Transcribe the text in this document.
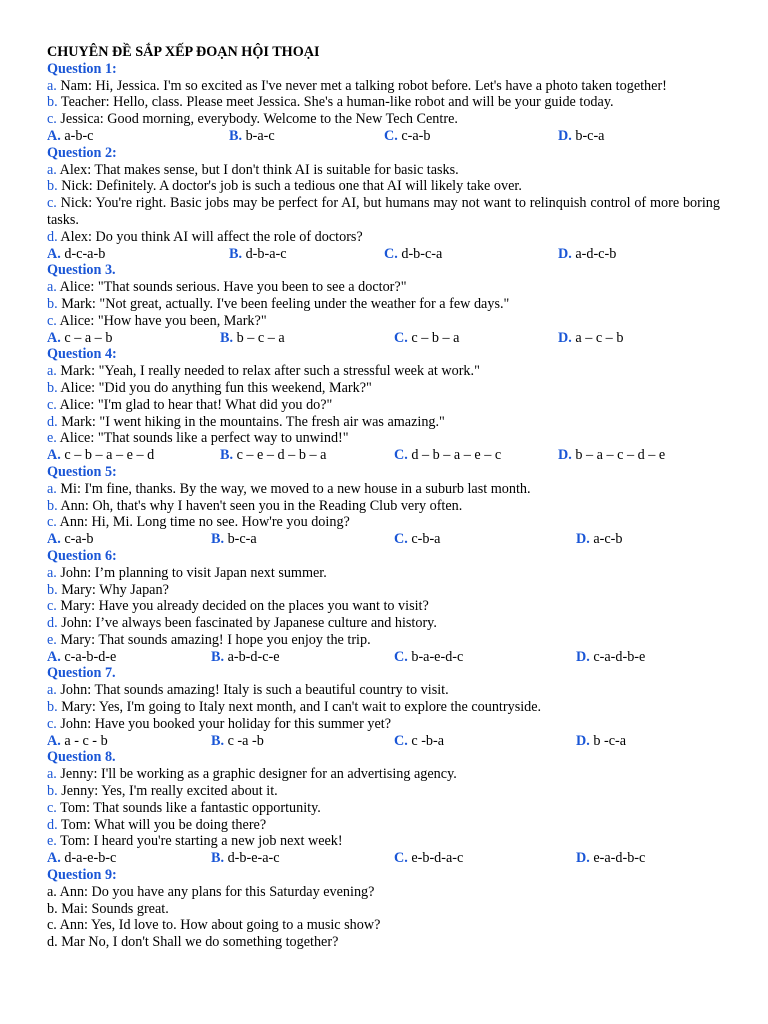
CHUYÊN ĐỀ SẮP XẾP ĐOẠN HỘI THOẠI
Question 1:
a. Nam: Hi, Jessica. I'm so excited as I've never met a talking robot before. Let's have a photo taken together!
b. Teacher: Hello, class. Please meet Jessica. She's a human-like robot and will be your guide today.
c. Jessica: Good morning, everybody. Welcome to the New Tech Centre.
A. a-b-c	B. b-a-c	C. c-a-b	D. b-c-a
Question 2:
a. Alex: That makes sense, but I don't think AI is suitable for basic tasks.
b. Nick: Definitely. A doctor's job is such a tedious one that AI will likely take over.
c. Nick: You're right. Basic jobs may be perfect for AI, but humans may not want to relinquish control of more boring tasks.
d. Alex: Do you think AI will affect the role of doctors?
A. d-c-a-b	B. d-b-a-c	C. d-b-c-a	D. a-d-c-b
Question 3.
a. Alice: "That sounds serious. Have you been to see a doctor?"
b. Mark: "Not great, actually. I've been feeling under the weather for a few days."
c. Alice: "How have you been, Mark?"
A. c – a – b	B. b – c – a	C. c – b – a	D. a – c – b
Question 4:
a. Mark: "Yeah, I really needed to relax after such a stressful week at work."
b. Alice: "Did you do anything fun this weekend, Mark?"
c. Alice: "I'm glad to hear that! What did you do?"
d. Mark: "I went hiking in the mountains. The fresh air was amazing."
e. Alice: "That sounds like a perfect way to unwind!"
A. c – b – a – e – d	B. c – e – d – b – a	C. d – b – a – e – c	D. b – a – c – d – e
Question 5:
a. Mi: I'm fine, thanks. By the way, we moved to a new house in a suburb last month.
b. Ann: Oh, that's why I haven't seen you in the Reading Club very often.
c. Ann: Hi, Mi. Long time no see. How're you doing?
A. c-a-b	B. b-c-a	C. c-b-a	D. a-c-b
Question 6:
a. John: I’m planning to visit Japan next summer.
b. Mary: Why Japan?
c. Mary: Have you already decided on the places you want to visit?
d. John: I’ve always been fascinated by Japanese culture and history.
e. Mary: That sounds amazing! I hope you enjoy the trip.
A. c-a-b-d-e	B. a-b-d-c-e	C. b-a-e-d-c	D. c-a-d-b-e
Question 7.
a. John: That sounds amazing! Italy is such a beautiful country to visit.
b. Mary: Yes, I'm going to Italy next month, and I can't wait to explore the countryside.
c. John: Have you booked your holiday for this summer yet?
A. a - c - b	B. c -a -b	C. c -b-a	D. b -c-a
Question 8.
a. Jenny: I'll be working as a graphic designer for an advertising agency.
b. Jenny: Yes, I'm really excited about it.
c. Tom: That sounds like a fantastic opportunity.
d. Tom: What will you be doing there?
e. Tom: I heard you're starting a new job next week!
A. d-a-e-b-c	B. d-b-e-a-c	C. e-b-d-a-c	D. e-a-d-b-c
Question 9:
a. Ann: Do you have any plans for this Saturday evening?
b. Mai: Sounds great.
c. Ann: Yes, Id love to. How about going to a music show?
d. Mar No, I don't Shall we do something together?
